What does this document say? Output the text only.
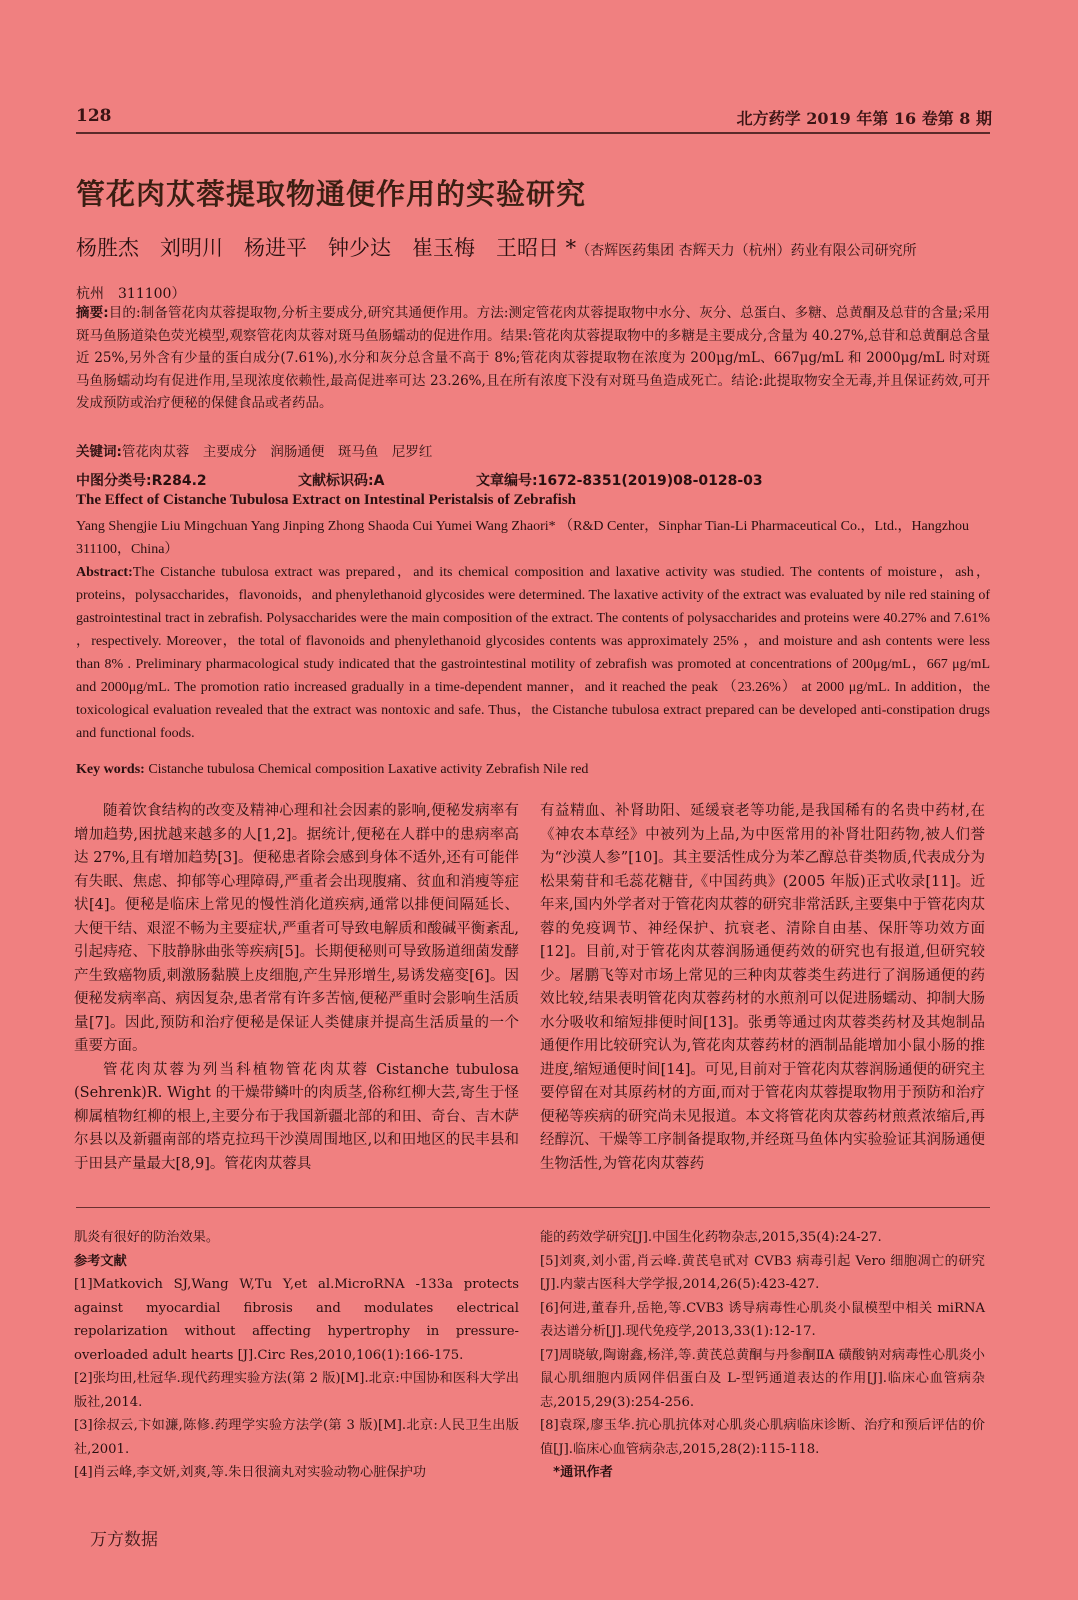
128	北方药学 2019 年第 16 卷第 8 期
管花肉苁蓉提取物通便作用的实验研究
杨胜杰　刘明川　杨进平　钟少达　崔玉梅　王昭日 *（杏辉医药集团 杏辉天力（杭州）药业有限公司研究所
杭州　311100）
摘要:目的:制备管花肉苁蓉提取物,分析主要成分,研究其通便作用。方法:测定管花肉苁蓉提取物中水分、灰分、总蛋白、多糖、总黄酮及总苷的含量;采用斑马鱼肠道染色荧光模型,观察管花肉苁蓉对斑马鱼肠蠕动的促进作用。结果:管花肉苁蓉提取物中的多糖是主要成分,含量为 40.27%,总苷和总黄酮总含量近 25%,另外含有少量的蛋白成分(7.61%),水分和灰分总含量不高于 8%;管花肉苁蓉提取物在浓度为 200μg/mL、667μg/mL 和 2000μg/mL 时对斑马鱼肠蠕动均有促进作用,呈现浓度依赖性,最高促进率可达 23.26%,且在所有浓度下没有对斑马鱼造成死亡。结论:此提取物安全无毒,并且保证药效,可开发成预防或治疗便秘的保健食品或者药品。
关键词:管花肉苁蓉　主要成分　润肠通便　斑马鱼　尼罗红
中图分类号:R284.2	文献标识码:A	文章编号:1672-8351(2019)08-0128-03
The Effect of Cistanche Tubulosa Extract on Intestinal Peristalsis of Zebrafish
Yang Shengjie Liu Mingchuan Yang Jinping Zhong Shaoda Cui Yumei Wang Zhaori* （R&D Center，Sinphar Tian-Li Pharmaceutical Co.，Ltd.，Hangzhou 311100，China）
Abstract:The Cistanche tubulosa extract was prepared，and its chemical composition and laxative activity was studied. The contents of moisture，ash，proteins，polysaccharides，flavonoids，and phenylethanoid glycosides were determined. The laxative activity of the extract was evaluated by nile red staining of gastrointestinal tract in zebrafish. Polysaccharides were the main composition of the extract. The contents of polysaccharides and proteins were 40.27% and 7.61% ，respectively. Moreover，the total of flavonoids and phenylethanoid glycosides contents was approximately 25% ，and moisture and ash contents were less than 8% . Preliminary pharmacological study indicated that the gastrointestinal motility of zebrafish was promoted at concentrations of 200μg/mL，667 μg/mL and 2000μg/mL. The promotion ratio increased gradually in a time-dependent manner，and it reached the peak （23.26%） at 2000 μg/mL. In addition，the toxicological evaluation revealed that the extract was nontoxic and safe. Thus，the Cistanche tubulosa extract prepared can be developed anti-constipation drugs and functional foods.
Key words: Cistanche tubulosa Chemical composition Laxative activity Zebrafish Nile red

随着饮食结构的改变及精神心理和社会因素的影响,便秘发病率有增加趋势,困扰越来越多的人[1,2]。据统计,便秘在人群中的患病率高达 27%,且有增加趋势[3]。便秘患者除会感到身体不适外,还有可能伴有失眠、焦虑、抑郁等心理障碍,严重者会出现腹痛、贫血和消瘦等症状[4]。便秘是临床上常见的慢性消化道疾病,通常以排便间隔延长、大便干结、艰涩不畅为主要症状,严重者可导致电解质和酸碱平衡紊乱,引起痔疮、下肢静脉曲张等疾病[5]。长期便秘则可导致肠道细菌发酵产生致癌物质,刺激肠黏膜上皮细胞,产生异形增生,易诱发癌变[6]。因便秘发病率高、病因复杂,患者常有许多苦恼,便秘严重时会影响生活质量[7]。因此,预防和治疗便秘是保证人类健康并提高生活质量的一个重要方面。

管花肉苁蓉为列当科植物管花肉苁蓉 Cistanche tubulosa (Sehrenk)R. Wight 的干燥带鳞叶的肉质茎,俗称红柳大芸,寄生于怪柳属植物红柳的根上,主要分布于我国新疆北部的和田、奇台、吉木萨尔县以及新疆南部的塔克拉玛干沙漠周围地区,以和田地区的民丰县和于田县产量最大[8,9]。管花肉苁蓉具

有益精血、补肾助阳、延缓衰老等功能,是我国稀有的名贵中药材,在《神农本草经》中被列为上品,为中医常用的补肾壮阳药物,被人们誉为“沙漠人参”[10]。其主要活性成分为苯乙醇总苷类物质,代表成分为松果菊苷和毛蕊花糖苷,《中国药典》(2005 年版)正式收录[11]。近年来,国内外学者对于管花肉苁蓉的研究非常活跃,主要集中于管花肉苁蓉的免疫调节、神经保护、抗衰老、清除自由基、保肝等功效方面[12]。目前,对于管花肉苁蓉润肠通便药效的研究也有报道,但研究较少。屠鹏飞等对市场上常见的三种肉苁蓉类生药进行了润肠通便的药效比较,结果表明管花肉苁蓉药材的水煎剂可以促进肠蠕动、抑制大肠水分吸收和缩短排便时间[13]。张勇等通过肉苁蓉类药材及其炮制品通便作用比较研究认为,管花肉苁蓉药材的酒制品能增加小鼠小肠的推进度,缩短通便时间[14]。可见,目前对于管花肉苁蓉润肠通便的研究主要停留在对其原药材的方面,而对于管花肉苁蓉提取物用于预防和治疗便秘等疾病的研究尚未见报道。本文将管花肉苁蓉药材煎煮浓缩后,再经醇沉、干燥等工序制备提取物,并经斑马鱼体内实验验证其润肠通便生物活性,为管花肉苁蓉药

肌炎有很好的防治效果。

参考文献

[1]Matkovich SJ,Wang W,Tu Y,et al.MicroRNA -133a protects against myocardial fibrosis and modulates electrical repolarization without affecting hypertrophy in pressure-overloaded adult hearts [J].Circ Res,2010,106(1):166-175.

[2]张均田,杜冠华.现代药理实验方法(第 2 版)[M].北京:中国协和医科大学出版社,2014.

[3]徐叔云,卞如濂,陈修.药理学实验方法学(第 3 版)[M].北京:人民卫生出版社,2001.

[4]肖云峰,李文妍,刘爽,等.朱日很滴丸对实验动物心脏保护功

能的药效学研究[J].中国生化药物杂志,2015,35(4):24-27.

[5]刘爽,刘小雷,肖云峰.黄芪皂甙对 CVB3 病毒引起 Vero 细胞凋亡的研究[J].内蒙古医科大学学报,2014,26(5):423-427.

[6]何进,董春升,岳艳,等.CVB3 诱导病毒性心肌炎小鼠模型中相关 miRNA 表达谱分析[J].现代免疫学,2013,33(1):12-17.

[7]周晓敏,陶谢鑫,杨洋,等.黄芪总黄酮与丹参酮ⅡA 磺酸钠对病毒性心肌炎小鼠心肌细胞内质网伴侣蛋白及 L-型钙通道表达的作用[J].临床心血管病杂志,2015,29(3):254-256.

[8]袁琛,廖玉华.抗心肌抗体对心肌炎心肌病临床诊断、治疗和预后评估的价值[J].临床心血管病杂志,2015,28(2):115-118.

　*通讯作者

万方数据
